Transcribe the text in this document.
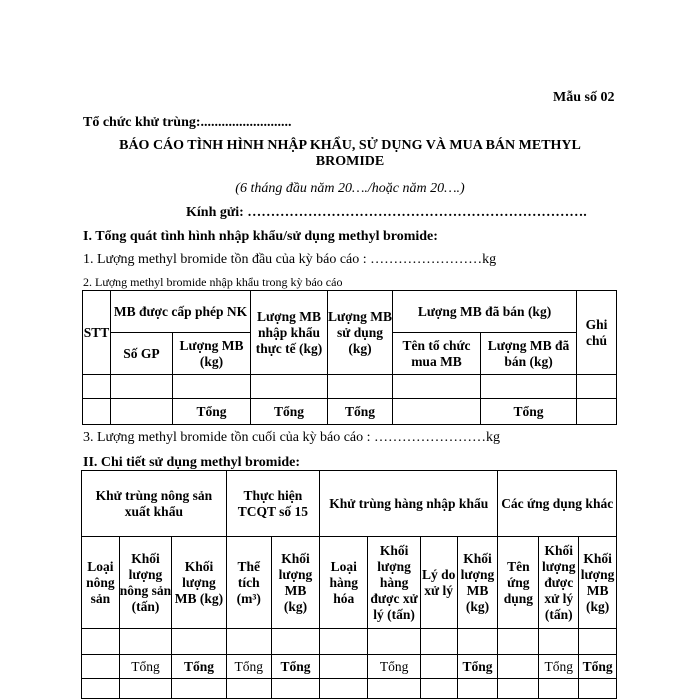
Mẫu số 02
Tổ chức khử trùng:..........................
BÁO CÁO TÌNH HÌNH NHẬP KHẨU, SỬ DỤNG VÀ MUA BÁN METHYL
BROMIDE
(6 tháng đầu năm 20…./hoặc năm 20….)
Kính gửi: ……………………………………………………………….
I. Tổng quát tình hình nhập khẩu/sử dụng methyl bromide:
1. Lượng methyl bromide tồn đầu của kỳ báo cáo : ……………………kg
2. Lượng methyl bromide nhập khẩu trong kỳ báo cáo
STT	MB được cấp phép NK		Lượng MB nhập khẩu thực tế (kg)	Lượng MB sử dụng (kg)	Lượng MB đã bán (kg)		Ghi chú
	Số GP	Lượng MB (kg)			Tên tổ chức mua MB	Lượng MB đã bán (kg)	

		Tổng	Tổng	Tổng		Tổng	
3. Lượng methyl bromide tồn cuối của kỳ báo cáo : ……………………kg
II. Chi tiết sử dụng methyl bromide:
Khử trùng nông sản xuất khẩu			Thực hiện TCQT số 15		Khử trùng hàng nhập khẩu				Các ứng dụng khác		
Loại nông sản	Khối lượng nông sản (tấn)	Khối lượng MB (kg)	Thể tích (m³)	Khối lượng MB (kg)	Loại hàng hóa	Khối lượng hàng được xử lý (tấn)	Lý do xử lý	Khối lượng MB (kg)	Tên ứng dụng	Khối lượng được xử lý (tấn)	Khối lượng MB (kg)

	Tổng	Tổng	Tổng	Tổng		Tổng		Tổng		Tổng	Tổng
